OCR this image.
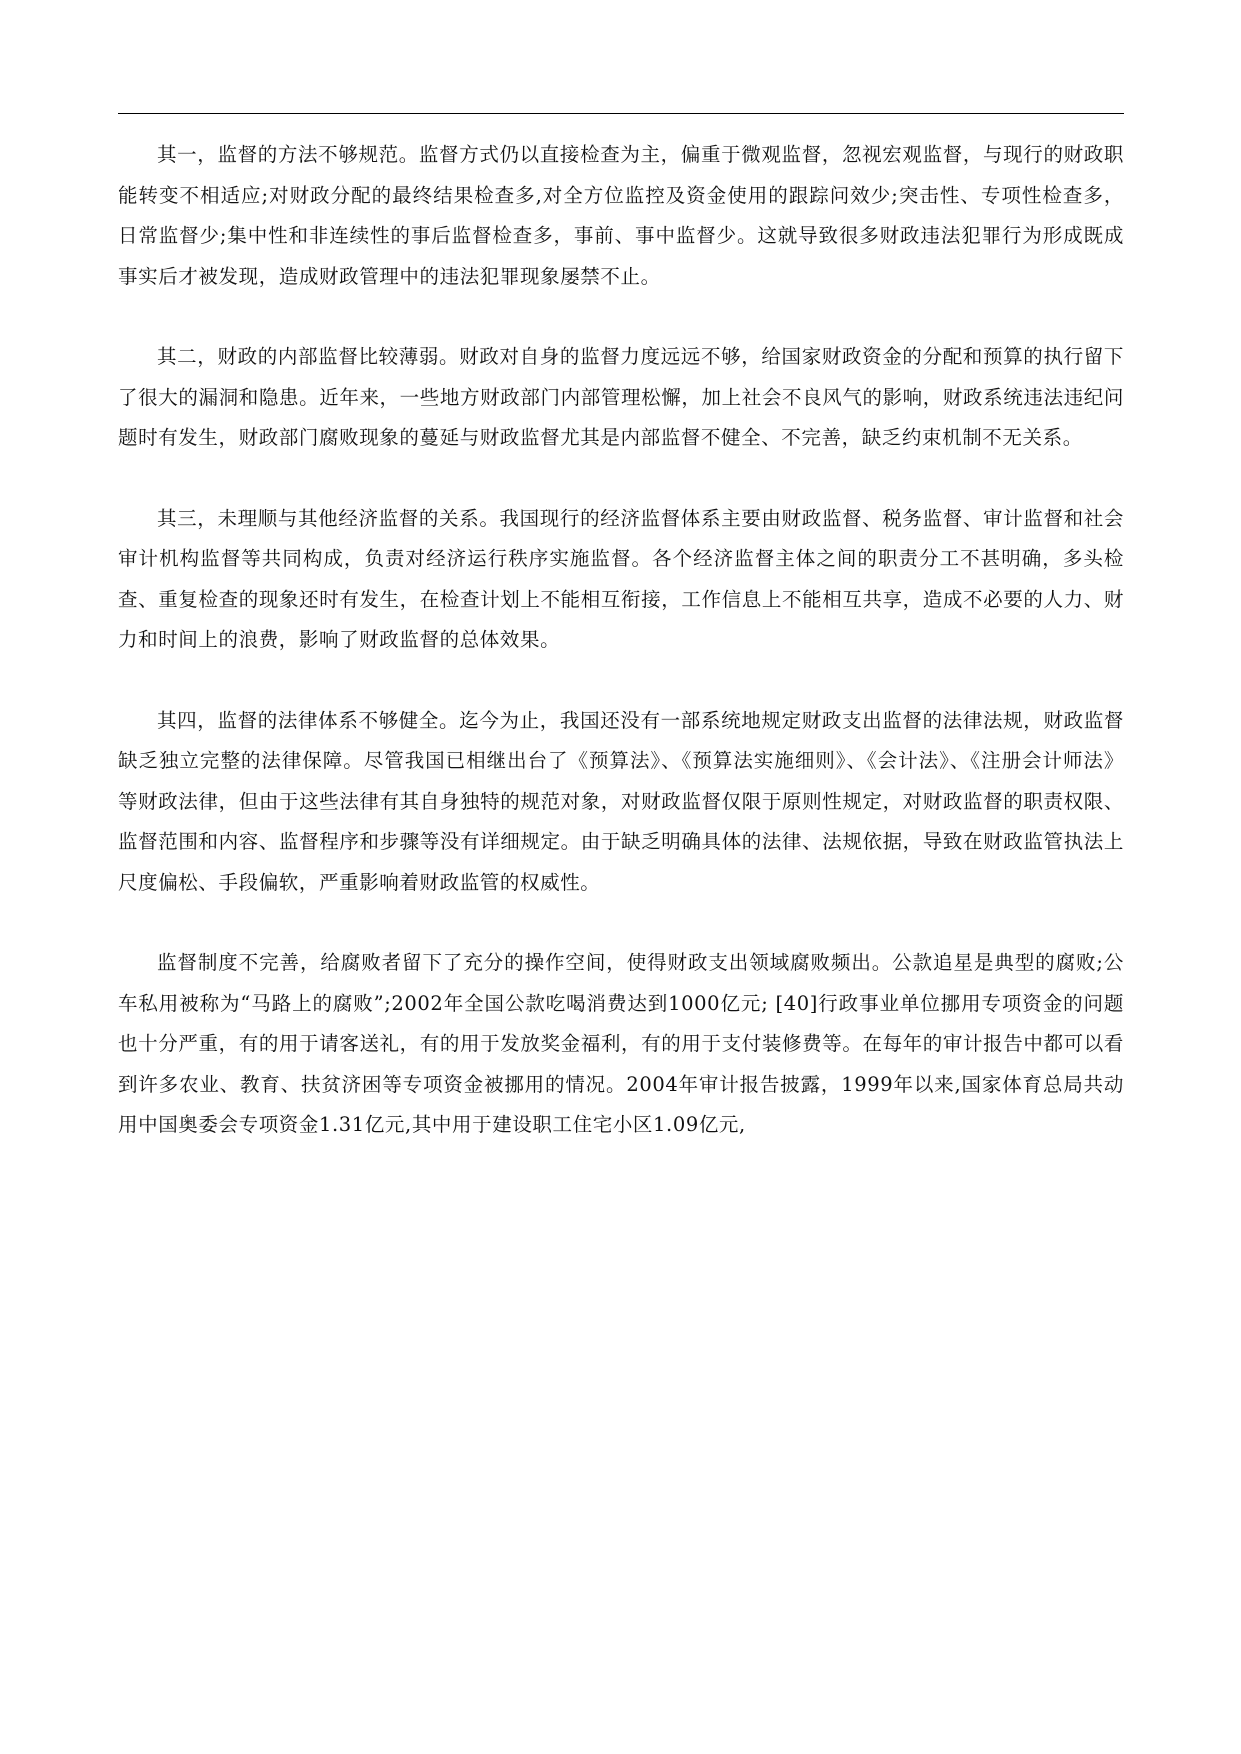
其一，监督的方法不够规范。监督方式仍以直接检查为主，偏重于微观监督，忽视宏观监督，与现行的财政职能转变不相适应;对财政分配的最终结果检查多,对全方位监控及资金使用的跟踪问效少;突击性、专项性检查多，日常监督少;集中性和非连续性的事后监督检查多，事前、事中监督少。这就导致很多财政违法犯罪行为形成既成事实后才被发现，造成财政管理中的违法犯罪现象屡禁不止。

其二，财政的内部监督比较薄弱。财政对自身的监督力度远远不够，给国家财政资金的分配和预算的执行留下了很大的漏洞和隐患。近年来，一些地方财政部门内部管理松懈，加上社会不良风气的影响，财政系统违法违纪问题时有发生，财政部门腐败现象的蔓延与财政监督尤其是内部监督不健全、不完善，缺乏约束机制不无关系。

其三，未理顺与其他经济监督的关系。我国现行的经济监督体系主要由财政监督、税务监督、审计监督和社会审计机构监督等共同构成，负责对经济运行秩序实施监督。各个经济监督主体之间的职责分工不甚明确，多头检查、重复检查的现象还时有发生，在检查计划上不能相互衔接，工作信息上不能相互共享，造成不必要的人力、财力和时间上的浪费，影响了财政监督的总体效果。

其四，监督的法律体系不够健全。迄今为止，我国还没有一部系统地规定财政支出监督的法律法规，财政监督缺乏独立完整的法律保障。尽管我国已相继出台了《预算法》、《预算法实施细则》、《会计法》、《注册会计师法》等财政法律，但由于这些法律有其自身独特的规范对象，对财政监督仅限于原则性规定，对财政监督的职责权限、监督范围和内容、监督程序和步骤等没有详细规定。由于缺乏明确具体的法律、法规依据，导致在财政监管执法上尺度偏松、手段偏软，严重影响着财政监管的权威性。

监督制度不完善，给腐败者留下了充分的操作空间，使得财政支出领域腐败频出。公款追星是典型的腐败;公车私用被称为“马路上的腐败”;2002年全国公款吃喝消费达到1000亿元; [40]行政事业单位挪用专项资金的问题也十分严重，有的用于请客送礼，有的用于发放奖金福利，有的用于支付装修费等。在每年的审计报告中都可以看到许多农业、教育、扶贫济困等专项资金被挪用的情况。2004年审计报告披露，1999年以来,国家体育总局共动用中国奥委会专项资金1.31亿元,其中用于建设职工住宅小区1.09亿元,
